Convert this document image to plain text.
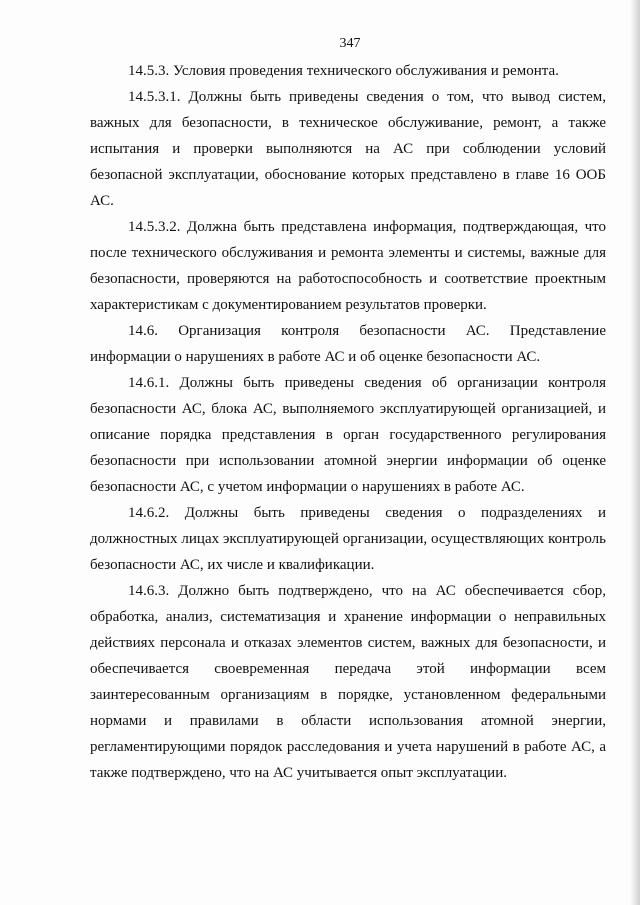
347

14.5.3. Условия проведения технического обслуживания и ремонта.

14.5.3.1. Должны быть приведены сведения о том, что вывод систем, важных для безопасности, в техническое обслуживание, ремонт, а также испытания и проверки выполняются на АС при соблюдении условий безопасной эксплуатации, обоснование которых представлено в главе 16 ООБ АС.

14.5.3.2. Должна быть представлена информация, подтверждающая, что после технического обслуживания и ремонта элементы и системы, важные для безопасности, проверяются на работоспособность и соответствие проектным характеристикам с документированием результатов проверки.

14.6. Организация контроля безопасности АС. Представление информации о нарушениях в работе АС и об оценке безопасности АС.

14.6.1. Должны быть приведены сведения об организации контроля безопасности АС, блока АС, выполняемого эксплуатирующей организацией, и описание порядка представления в орган государственного регулирования безопасности при использовании атомной энергии информации об оценке безопасности АС, с учетом информации о нарушениях в работе АС.

14.6.2. Должны быть приведены сведения о подразделениях и должностных лицах эксплуатирующей организации, осуществляющих контроль безопасности АС, их числе и квалификации.

14.6.3. Должно быть подтверждено, что на АС обеспечивается сбор, обработка, анализ, систематизация и хранение информации о неправильных действиях персонала и отказах элементов систем, важных для безопасности, и обеспечивается своевременная передача этой информации всем заинтересованным организациям в порядке, установленном федеральными нормами и правилами в области использования атомной энергии, регламентирующими порядок расследования и учета нарушений в работе АС, а также подтверждено, что на АС учитывается опыт эксплуатации.
